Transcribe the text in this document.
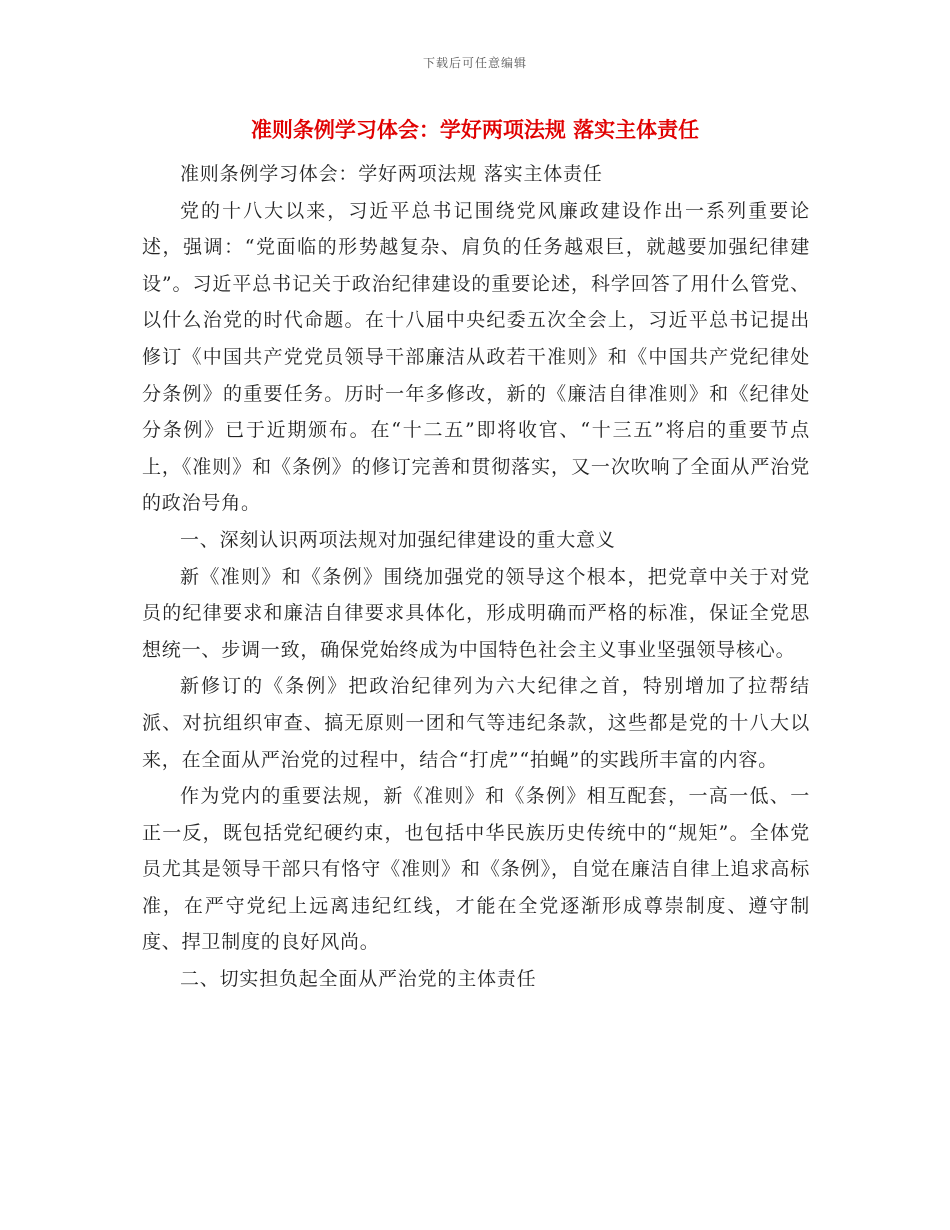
下载后可任意编辑
准则条例学习体会：学好两项法规 落实主体责任

准则条例学习体会：学好两项法规 落实主体责任

党的十八大以来，习近平总书记围绕党风廉政建设作出一系列重要论述，强调：“党面临的形势越复杂、肩负的任务越艰巨，就越要加强纪律建设”。习近平总书记关于政治纪律建设的重要论述，科学回答了用什么管党、以什么治党的时代命题。在十八届中央纪委五次全会上，习近平总书记提出修订《中国共产党党员领导干部廉洁从政若干准则》和《中国共产党纪律处分条例》的重要任务。历时一年多修改，新的《廉洁自律准则》和《纪律处分条例》已于近期颁布。在“十二五”即将收官、“十三五”将启的重要节点上，《准则》和《条例》的修订完善和贯彻落实，又一次吹响了全面从严治党的政治号角。

一、深刻认识两项法规对加强纪律建设的重大意义

新《准则》和《条例》围绕加强党的领导这个根本，把党章中关于对党员的纪律要求和廉洁自律要求具体化，形成明确而严格的标准，保证全党思想统一、步调一致，确保党始终成为中国特色社会主义事业坚强领导核心。

新修订的《条例》把政治纪律列为六大纪律之首，特别增加了拉帮结派、对抗组织审查、搞无原则一团和气等违纪条款，这些都是党的十八大以来，在全面从严治党的过程中，结合“打虎”“拍蝇”的实践所丰富的内容。

作为党内的重要法规，新《准则》和《条例》相互配套，一高一低、一正一反，既包括党纪硬约束，也包括中华民族历史传统中的“规矩”。全体党员尤其是领导干部只有恪守《准则》和《条例》，自觉在廉洁自律上追求高标准，在严守党纪上远离违纪红线，才能在全党逐渐形成尊崇制度、遵守制度、捍卫制度的良好风尚。

二、切实担负起全面从严治党的主体责任
